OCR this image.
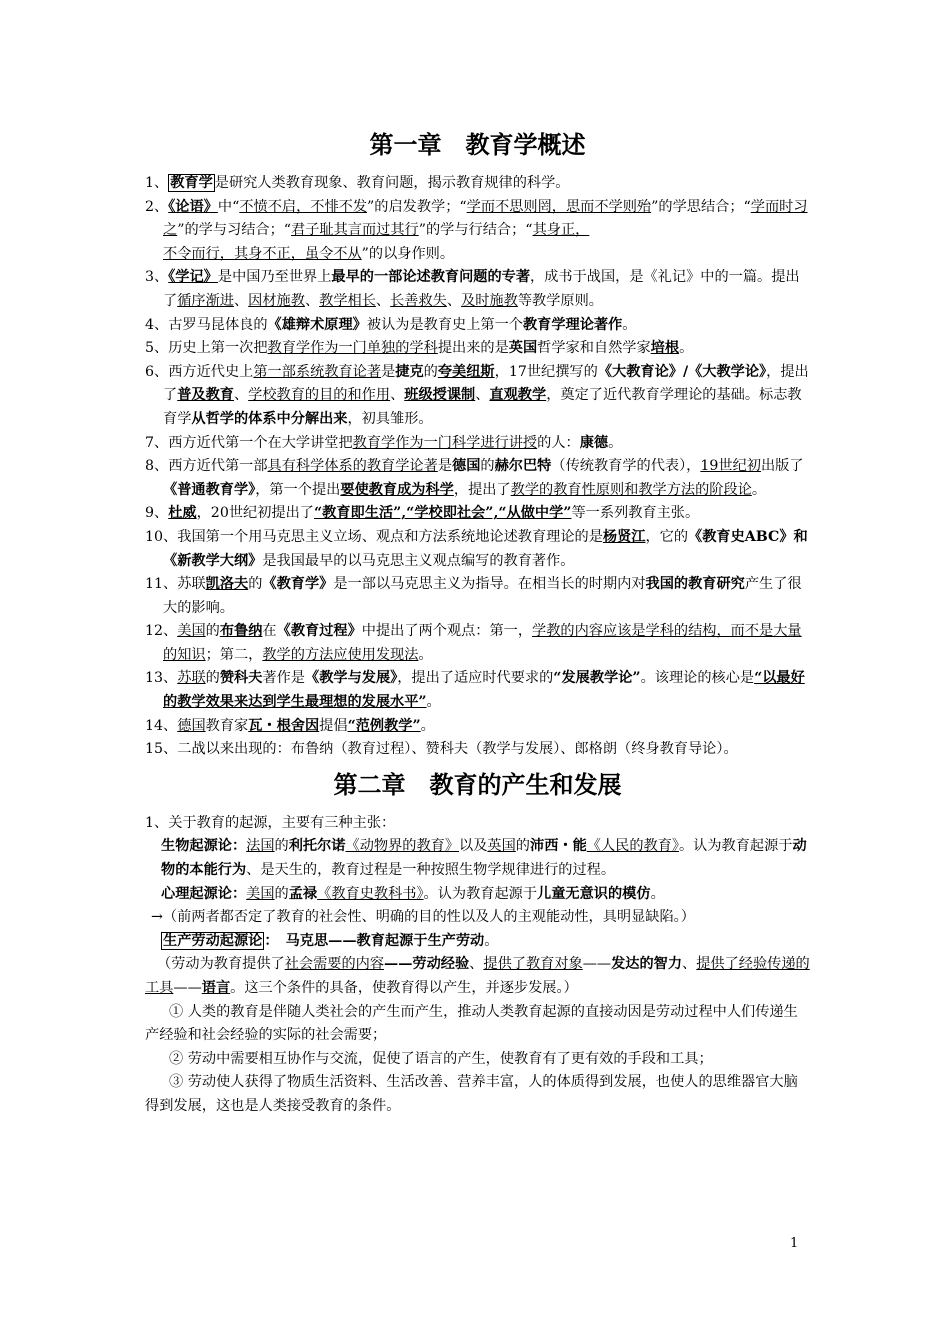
第一章　教育学概述
1、 教育学 是研究人类教育现象、教育问题，揭示教育规律的科学。
2、《论语》中“不愤不启，不悱不发”的启发教学；“学而不思则罔，思而不学则殆”的学思结合；“学而时习之”的学与习结合；“君子耻其言而过其行”的学与行结合；“其身正，
不令而行，其身不正，虽令不从”的以身作则。
3、《学记》是中国乃至世界上最早的一部论述教育问题的专著，成书于战国，是《礼记》中的一篇。提出了循序渐进、因材施教、教学相长、长善救失、及时施教等教学原则。
4、古罗马昆体良的《雄辩术原理》被认为是教育史上第一个教育学理论著作。
5、历史上第一次把教育学作为一门单独的学科提出来的是英国哲学家和自然学家培根。
6、西方近代史上第一部系统教育论著是捷克的夸美纽斯，17世纪撰写的《大教育论》/《大教学论》，提出了普及教育、学校教育的目的和作用、班级授课制、直观教学，奠定了近代教育学理论的基础。标志教育学从哲学的体系中分解出来，初具雏形。
7、西方近代第一个在大学讲堂把教育学作为一门科学进行讲授的人：康德。
8、西方近代第一部具有科学体系的教育学论著是德国的赫尔巴特（传统教育学的代表），19世纪初出版了《普通教育学》，第一个提出要使教育成为科学，提出了教学的教育性原则和教学方法的阶段论。
9、杜威，20世纪初提出了“教育即生活”,“学校即社会”,“从做中学”等一系列教育主张。
10、我国第一个用马克思主义立场、观点和方法系统地论述教育理论的是杨贤江，它的《教育史ABC》和《新教学大纲》是我国最早的以马克思主义观点编写的教育著作。
11、苏联凯洛夫的《教育学》是一部以马克思主义为指导。在相当长的时期内对我国的教育研究产生了很大的影响。
12、美国的布鲁纳在《教育过程》中提出了两个观点：第一，学教的内容应该是学科的结构，而不是大量的知识；第二，教学的方法应使用发现法。
13、苏联的赞科夫著作是《教学与发展》，提出了适应时代要求的“发展教学论”。该理论的核心是“以最好的教学效果来达到学生最理想的发展水平”。
14、德国教育家瓦・根舍因提倡“范例教学”。
15、二战以来出现的：布鲁纳（教育过程）、赞科夫（教学与发展）、郎格朗（终身教育导论）。
第二章　教育的产生和发展
1、关于教育的起源，主要有三种主张：
生物起源论：法国的利托尔诺《动物界的教育》以及英国的沛西・能《人民的教育》。认为教育起源于动物的本能行为、是天生的，教育过程是一种按照生物学规律进行的过程。
心理起源论：美国的孟禄《教育史教科书》。认为教育起源于儿童无意识的模仿。
→（前两者都否定了教育的社会性、明确的目的性以及人的主观能动性，具明显缺陷。）
生产劳动起源论 ：　马克思——教育起源于生产劳动。
（劳动为教育提供了社会需要的内容——劳动经验、提供了教育对象——发达的智力、提供了经验传递的工具——语言。这三个条件的具备，使教育得以产生，并逐步发展。）
① 人类的教育是伴随人类社会的产生而产生，推动人类教育起源的直接动因是劳动过程中人们传递生产经验和社会经验的实际的社会需要；
② 劳动中需要相互协作与交流，促使了语言的产生，使教育有了更有效的手段和工具；
③ 劳动使人获得了物质生活资料、生活改善、营养丰富，人的体质得到发展，也使人的思维器官大脑得到发展，这也是人类接受教育的条件。
1
